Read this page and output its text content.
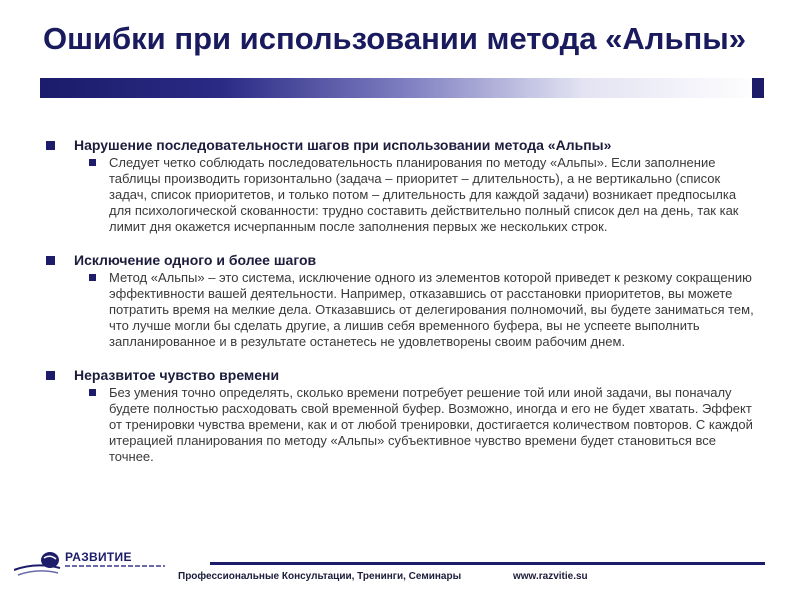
Ошибки при использовании метода «Альпы»
Нарушение последовательности шагов при использовании метода «Альпы»
Следует четко соблюдать последовательность планирования по методу «Альпы». Если заполнение таблицы производить горизонтально (задача – приоритет – длительность), а не вертикально (список задач, список приоритетов, и только потом – длительность для каждой задачи) возникает предпосылка для психологической скованности: трудно составить действительно полный список дел на день, так как лимит дня окажется исчерпанным после заполнения первых же нескольких строк.
Исключение одного и более шагов
Метод «Альпы» – это система, исключение одного из элементов которой приведет к резкому сокращению эффективности вашей деятельности. Например, отказавшись от расстановки приоритетов, вы можете потратить время на мелкие дела. Отказавшись от делегирования полномочий, вы будете заниматься тем, что лучше могли бы сделать другие, а лишив себя временного буфера, вы не успеете выполнить запланированное и в результате останетесь не удовлетворены своим рабочим днем.
Неразвитое чувство времени
Без умения точно определять, сколько времени потребует решение той или иной задачи, вы поначалу будете полностью расходовать свой временной буфер. Возможно, иногда и его не будет хватать. Эффект от тренировки чувства времени, как и от любой тренировки, достигается количеством повторов. С каждой итерацией планирования по методу «Альпы» субъективное чувство времени будет становиться все точнее.
РАЗВИТИЕ
Профессиональные Консультации, Тренинги, Семинары	www.razvitie.su
